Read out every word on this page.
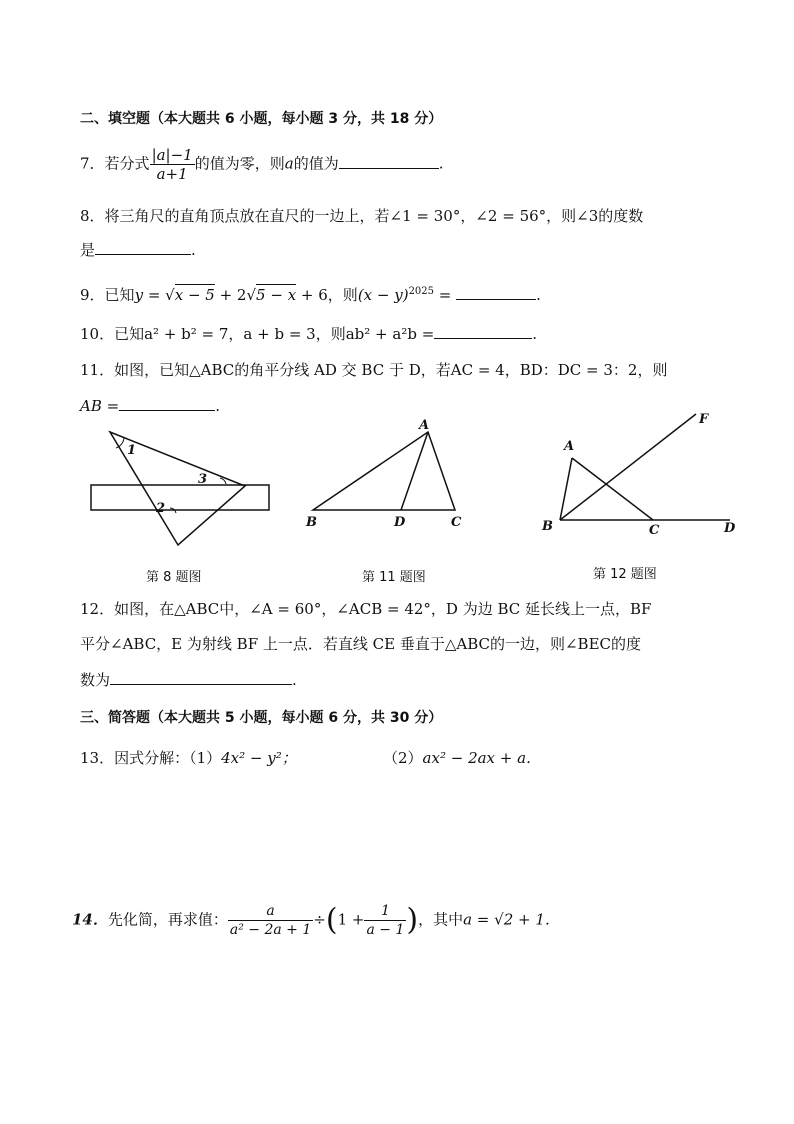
二、填空题（本大题共 6 小题，每小题 3 分，共 18 分）
7．若分式 $\frac{|a|-1}{a+1}$ 的值为零，则a的值为	.
8．将三角尺的直角顶点放在直尺的一边上，若∠1 = 30°，∠2 = 56°，则∠3的度数
是	.
9．已知y = √x − 5 + 2√5 − x + 6，则$(x - y)^{2025}$ =	.
10．已知a² + b² = 7，a + b = 3，则ab² + a²b =	.
11．如图，已知△ABC的角平分线 AD 交 BC 于 D，若AC = 4，BD：DC = 3：2，则
AB =	.
1
2
3
第 8 题图
A
B	D	C
第 11 题图
A
F
B	C	D
第 12 题图
12．如图，在△ABC中，∠A = 60°，∠ACB = 42°，D 为边 BC 延长线上一点，BF
平分∠ABC，E 为射线 BF 上一点．若直线 CE 垂直于△ABC的一边，则∠BEC的度
数为	.
三、简答题（本大题共 5 小题，每小题 6 分，共 30 分）
13．因式分解：（1）4x² − y²；	（2）ax² − 2ax + a．
14．先化简，再求值： $\frac{a}{\text{a² − 2a + 1}} \div(1 + \frac{1}{a - 1}$ )，其中a = √2 + 1．
